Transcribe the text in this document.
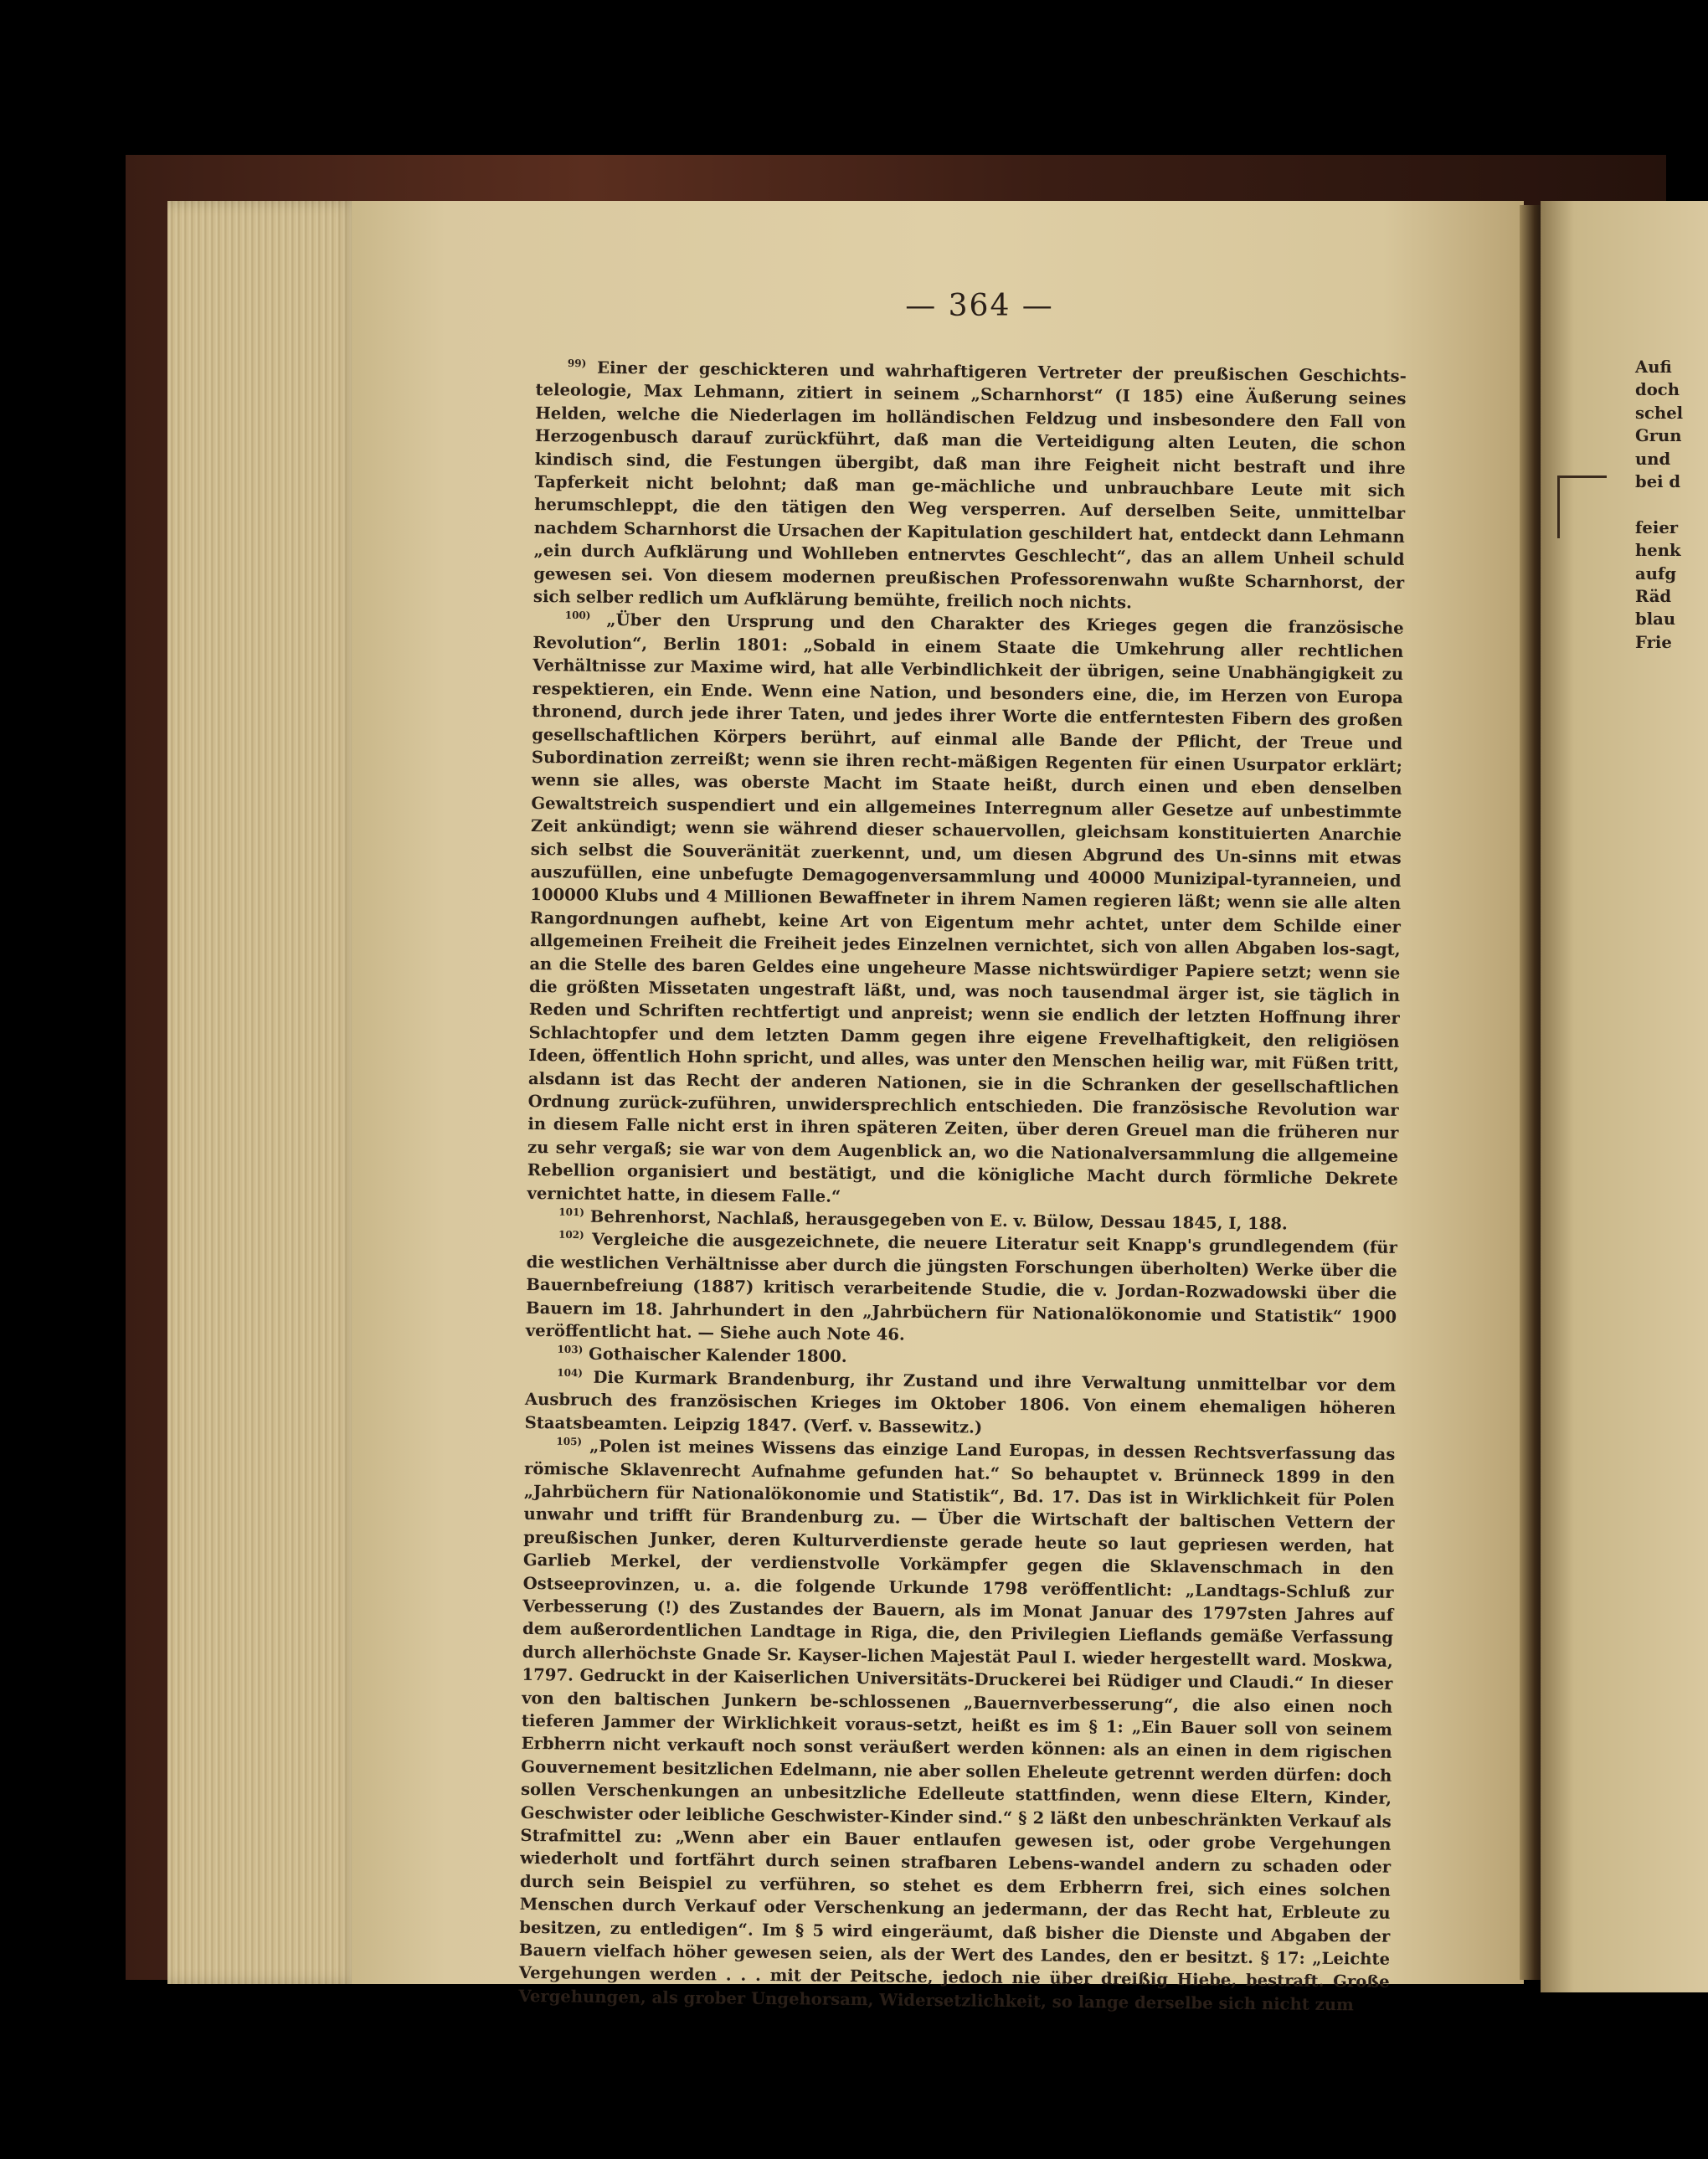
— 364 —

$^{99)}$ Einer der geschickteren und wahrhaftigeren Vertreter der preußischen Geschichts-teleologie, Max Lehmann, zitiert in seinem „Scharnhorst“ (I 185) eine Äußerung seines Helden, welche die Niederlagen im holländischen Feldzug und insbesondere den Fall von Herzogenbusch darauf zurückführt, daß man die Verteidigung alten Leuten, die schon kindisch sind, die Festungen übergibt, daß man ihre Feigheit nicht bestraft und ihre Tapferkeit nicht belohnt; daß man ge-mächliche und unbrauchbare Leute mit sich herumschleppt, die den tätigen den Weg versperren. Auf derselben Seite, unmittelbar nachdem Scharnhorst die Ursachen der Kapitulation geschildert hat, entdeckt dann Lehmann „ein durch Aufklärung und Wohlleben entnervtes Geschlecht“, das an allem Unheil schuld gewesen sei. Von diesem modernen preußischen Professorenwahn wußte Scharnhorst, der sich selber redlich um Aufklärung bemühte, freilich noch nichts.

$^{100)}$ „Über den Ursprung und den Charakter des Krieges gegen die französische Revolution“, Berlin 1801: „Sobald in einem Staate die Umkehrung aller rechtlichen Verhältnisse zur Maxime wird, hat alle Verbindlichkeit der übrigen, seine Unabhängigkeit zu respektieren, ein Ende. Wenn eine Nation, und besonders eine, die, im Herzen von Europa thronend, durch jede ihrer Taten, und jedes ihrer Worte die entferntesten Fibern des großen gesellschaftlichen Körpers berührt, auf einmal alle Bande der Pflicht, der Treue und Subordination zerreißt; wenn sie ihren recht-mäßigen Regenten für einen Usurpator erklärt; wenn sie alles, was oberste Macht im Staate heißt, durch einen und eben denselben Gewaltstreich suspendiert und ein allgemeines Interregnum aller Gesetze auf unbestimmte Zeit ankündigt; wenn sie während dieser schauervollen, gleichsam konstituierten Anarchie sich selbst die Souveränität zuerkennt, und, um diesen Abgrund des Un-sinns mit etwas auszufüllen, eine unbefugte Demagogenversammlung und 40000 Munizipal-tyranneien, und 100000 Klubs und 4 Millionen Bewaffneter in ihrem Namen regieren läßt; wenn sie alle alten Rangordnungen aufhebt, keine Art von Eigentum mehr achtet, unter dem Schilde einer allgemeinen Freiheit die Freiheit jedes Einzelnen vernichtet, sich von allen Abgaben los-sagt, an die Stelle des baren Geldes eine ungeheure Masse nichtswürdiger Papiere setzt; wenn sie die größten Missetaten ungestraft läßt, und, was noch tausendmal ärger ist, sie täglich in Reden und Schriften rechtfertigt und anpreist; wenn sie endlich der letzten Hoffnung ihrer Schlachtopfer und dem letzten Damm gegen ihre eigene Frevelhaftigkeit, den religiösen Ideen, öffentlich Hohn spricht, und alles, was unter den Menschen heilig war, mit Füßen tritt, alsdann ist das Recht der anderen Nationen, sie in die Schranken der gesellschaftlichen Ordnung zurück-zuführen, unwidersprechlich entschieden. Die französische Revolution war in diesem Falle nicht erst in ihren späteren Zeiten, über deren Greuel man die früheren nur zu sehr vergaß; sie war von dem Augenblick an, wo die Nationalversammlung die allgemeine Rebellion organisiert und bestätigt, und die königliche Macht durch förmliche Dekrete vernichtet hatte, in diesem Falle.“

$^{101)}$ Behrenhorst, Nachlaß, herausgegeben von E. v. Bülow, Dessau 1845, I, 188.

$^{102)}$ Vergleiche die ausgezeichnete, die neuere Literatur seit Knapp's grundlegendem (für die westlichen Verhältnisse aber durch die jüngsten Forschungen überholten) Werke über die Bauernbefreiung (1887) kritisch verarbeitende Studie, die v. Jordan-Rozwadowski über die Bauern im 18. Jahrhundert in den „Jahrbüchern für Nationalökonomie und Statistik“ 1900 veröffentlicht hat. — Siehe auch Note 46.

$^{103)}$ Gothaischer Kalender 1800.

$^{104)}$ Die Kurmark Brandenburg, ihr Zustand und ihre Verwaltung unmittelbar vor dem Ausbruch des französischen Krieges im Oktober 1806. Von einem ehemaligen höheren Staatsbeamten. Leipzig 1847. (Verf. v. Bassewitz.)

$^{105)}$ „Polen ist meines Wissens das einzige Land Europas, in dessen Rechtsverfassung das römische Sklavenrecht Aufnahme gefunden hat.“ So behauptet v. Brünneck 1899 in den „Jahrbüchern für Nationalökonomie und Statistik“, Bd. 17. Das ist in Wirklichkeit für Polen unwahr und trifft für Brandenburg zu. — Über die Wirtschaft der baltischen Vettern der preußischen Junker, deren Kulturverdienste gerade heute so laut gepriesen werden, hat Garlieb Merkel, der verdienstvolle Vorkämpfer gegen die Sklavenschmach in den Ostseeprovinzen, u. a. die folgende Urkunde 1798 veröffentlicht: „Landtags-Schluß zur Verbesserung (!) des Zustandes der Bauern, als im Monat Januar des 1797sten Jahres auf dem außerordentlichen Landtage in Riga, die, den Privilegien Lieflands gemäße Verfassung durch allerhöchste Gnade Sr. Kayser-lichen Majestät Paul I. wieder hergestellt ward. Moskwa, 1797. Gedruckt in der Kaiserlichen Universitäts-Druckerei bei Rüdiger und Claudi.“ In dieser von den baltischen Junkern be-schlossenen „Bauernverbesserung“, die also einen noch tieferen Jammer der Wirklichkeit voraus-setzt, heißt es im § 1: „Ein Bauer soll von seinem Erbherrn nicht verkauft noch sonst veräußert werden können: als an einen in dem rigischen Gouvernement besitzlichen Edelmann, nie aber sollen Eheleute getrennt werden dürfen: doch sollen Verschenkungen an unbesitzliche Edelleute stattfinden, wenn diese Eltern, Kinder, Geschwister oder leibliche Geschwister-Kinder sind.“ § 2 läßt den unbeschränkten Verkauf als Strafmittel zu: „Wenn aber ein Bauer entlaufen gewesen ist, oder grobe Vergehungen wiederholt und fortfährt durch seinen strafbaren Lebens-wandel andern zu schaden oder durch sein Beispiel zu verführen, so stehet es dem Erbherrn frei, sich eines solchen Menschen durch Verkauf oder Verschenkung an jedermann, der das Recht hat, Erbleute zu besitzen, zu entledigen“. Im § 5 wird eingeräumt, daß bisher die Dienste und Abgaben der Bauern vielfach höher gewesen seien, als der Wert des Landes, den er besitzt. § 17: „Leichte Vergehungen werden . . . mit der Peitsche, jedoch nie über dreißig Hiebe, bestraft. Große Vergehungen, als grober Ungehorsam, Widersetzlichkeit, so lange derselbe sich nicht zum

Aufi
doch
schel
Grun
und
bei d
feier
henk
aufg
Räd
blau
Frie
